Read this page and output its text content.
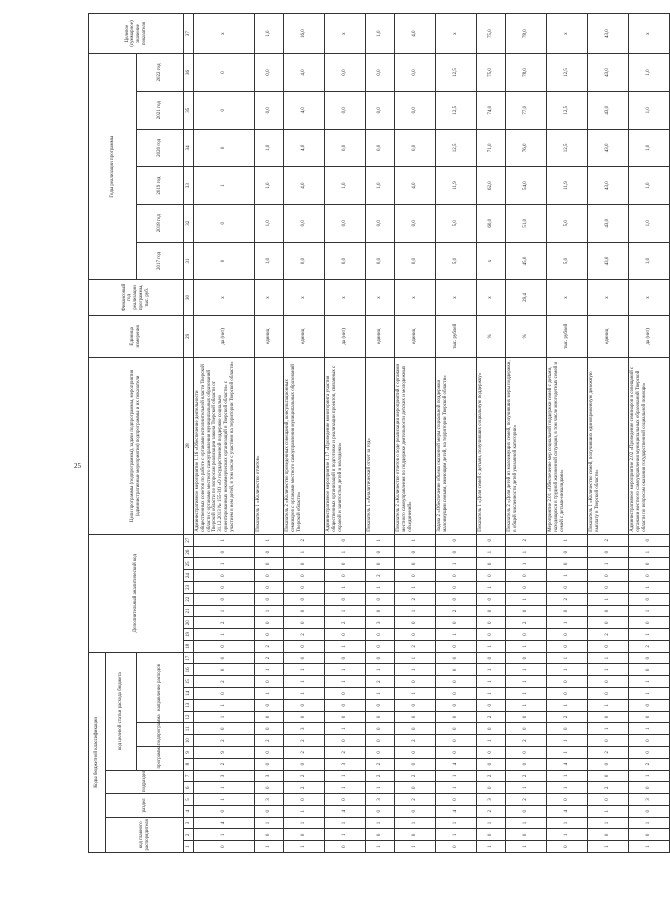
25
Коды бюджетной классификации																	Дополнительный аналитический код										Цели программы (подпрограммы), задачи подпрограммы, мероприятия (административные мероприятия) подпрограммы и их показатели	Единица измерения	Финансовый год реализации программы, тыс. руб.	Годы реализации программы						Целевое (суммарное) значение показателя
код главного распорядителя			раздел		подраздел		код целевой статьи расхода бюджета																													
							программа		подпрограмма		направление расходов																			2017 год	2018 год	2019 год	2020 год	2021 год	2022 год	
1	2	3	4	5	6	7	8	9	10	11	12	13	14	15	16	17	18	19	20	21	22	23	24	25	26	27	28	29	30	31	32	33	34	35	36	37
0	1	4	0	1	1	3	2	9	2	0	1	1	0	2	0	0	0	1	2	1	0	0	0	1	0	1	Административное мероприятие 1.16 «Обеспечение деятельности общественных советов по работе с органами исполнительной власти Тверской области с органами местного самоуправления муниципальных образований Тверской области по вопросам реализации закона Тверской области от 31.12.2013 № 155-ЗО «О государственной поддержке социально ориентированных некоммерческих организаций в Тверской области» с участием в нем детей, в том числе с участием на территории Тверской области»	да (нет)	х	0	0	1	0	0	0	х
1	0	1	0	3	0	3	0	0	2	0	0	0	1	0	1	2	2	0	0	1	0	0	0	0	0	1	Показатель 1 «Количество отчетов»	единиц	х	1,0	1,0	1,0	1,0	0,0	0,0	1,0
1	0	1	1	0	2	2	0	2	2	3	0	0	1	1	1	0	0	2	0	0	0	0	0	0	1	2	Показатель 2 «Количество проведенных совещаний, консультационных семинаров с органами местного самоуправления муниципальных образований Тверской области»	единиц	х	0,0	0,0	4,0	4,0	4,0	4,0	16,0
0	1	1	4	0	1	1	3	2	0	1	0	0	0	1	1	0	1	0	2	1	0	1	0	0	1	0	Административное мероприятие 1.17 «Проведение мониторинга участия общественных организаций в подготовке и реализации проектов, связанных с охраной и занятостью детей и молодежи»	да (нет)	х	0,0	0,0	1,0	0,0	0,0	0,0	х
1	0	1	0	3	1	2	2	0	0	0	0	0	1	2	1	0	0	0	3	0	0	1	2	0	0	1	Показатель 1 «Аналитический отчет за год»	единиц	х	0,0	0,0	1,0	0,0	0,0	0,0	1,0
1	0	1	0	2	0	2	0	0	2	0	0	0	1	0	1	1	2	0	0	1	2	1	0	0	0	1	Показатель 2 «Количество отчетов о ходе реализации мероприятий с органами местного самоуправления по поддержке деятельности детских и молодежных объединений»	единиц	х	0,0	0,0	4,0	0,0	0,0	0,0	4,0
0	1	1	4	0	1	1	4	0	0	0	0	0	0	0	0	0	0	1	0	2	0	0	0	1	0	0	Задача 2 «Обеспечение объема оказанной меры социальной поддержки малоимущим семьям, имеющим детей, на территории Тверской области»	тыс. рублей	х	5,0	5,0	11,9	12,5	12,5	12,5	х
1	0	1	2	3	0	2	0	0	1	0	2	0	1	1	1	0	1	0	0	0	0	1	0	0	1	0	Показатель 1 «Доля семей с детьми, получивших социальную поддержку»	%	х	х	60,0	62,0	71,0	74,0	75,0	75,0
1	0	1	0	2	1	2	0	0	2	0	0	1	1	1	1	0	1	0	2	0	1	0	0	1	1	2	Показатель 2 «Доля детей из малоимущих семей, получивших меры поддержки, в общей численности детей указанной категории»	%	29,4	45,0	51,0	54,0	76,0	77,0	78,0	78,0
0	1	1	4	0	1	1	4	1	1	0	2	1	0	0	1	1	0	0	1	0	2	0	1	0	0	1	Мероприятие 2.01 «Обеспечение мер социальной поддержки семей с детьми, находящихся в трудной жизненной ситуации, в том числе многодетных семей и семей с детьми-инвалидами»	тыс. рублей	х	5,0	5,0	11,9	12,5	12,5	12,5	х
1	0	1	1	0	2	0	0	2	0	1	0	1	0	0	1	1	0	2	0	0	1	0	0	1	0	2	Показатель 1 «Количество семей, получивших единовременную денежную выплату в Тверской области»	единиц	х	43,0	43,0	43,0	43,0	43,0	43,0	43,0
1	0	1	0	3	0	1	2	0	0	1	0	0	1	1	0	0	2	1	0	1	0	1	0	0	1	0	Административное мероприятие 2.02 «Проведение семинаров и совещаний с органами местного самоуправления муниципальных образований Тверской области по вопросам оказания государственной социальной помощи»	да (нет)	х	1,0	1,0	1,0	1,0	1,0	1,0	х
